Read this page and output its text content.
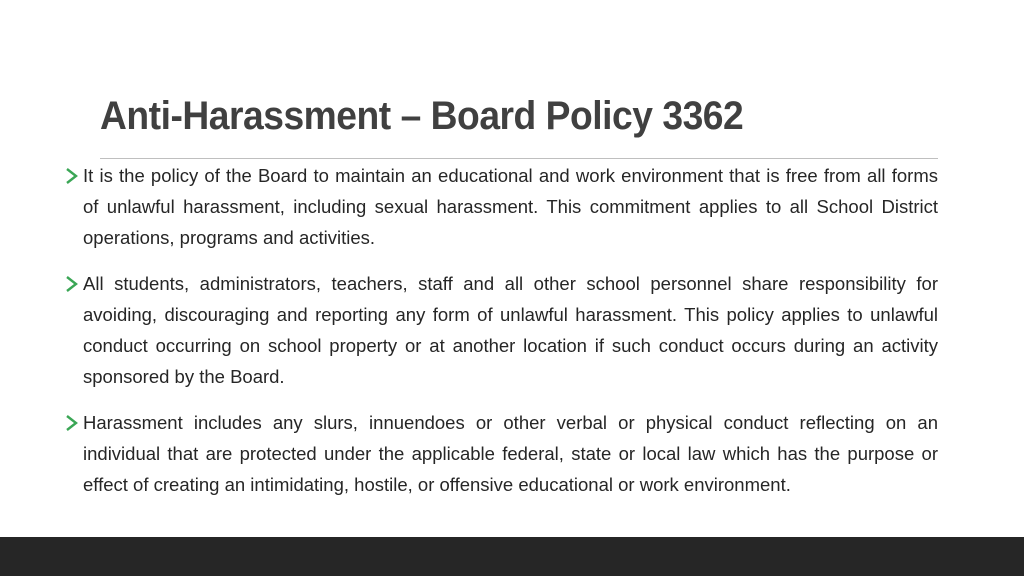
Anti-Harassment – Board Policy 3362

It is the policy of the Board to maintain an educational and work environment that is free from all forms of unlawful harassment, including sexual harassment. This commitment applies to all School District operations, programs and activities.

All students, administrators, teachers, staff and all other school personnel share responsibility for avoiding, discouraging and reporting any form of unlawful harassment. This policy applies to unlawful conduct occurring on school property or at another location if such conduct occurs during an activity sponsored by the Board.

Harassment includes any slurs, innuendoes or other verbal or physical conduct reflecting on an individual that are protected under the applicable federal, state or local law which has the purpose or effect of creating an intimidating, hostile, or offensive educational or work environment.
